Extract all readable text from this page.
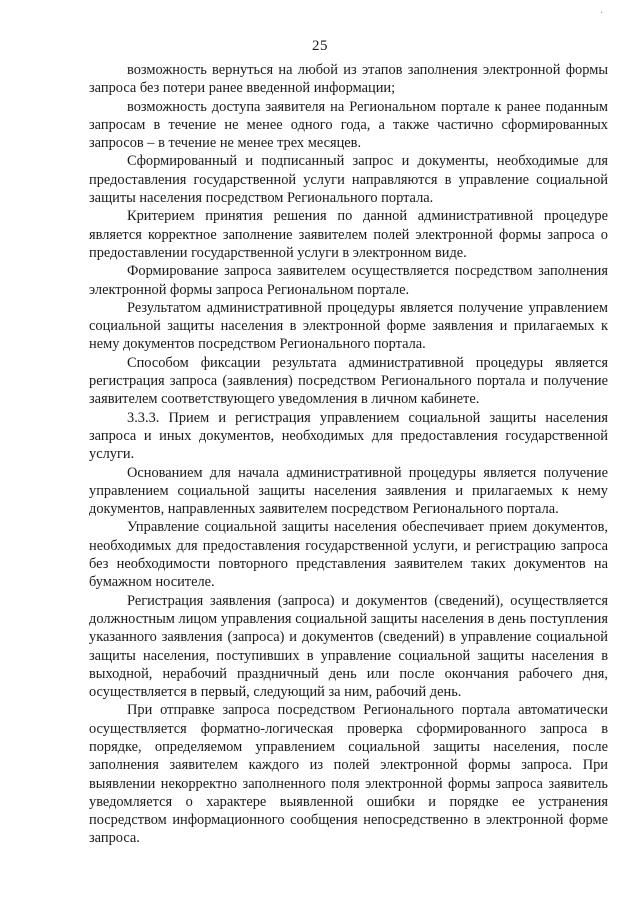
·
25

возможность вернуться на любой из этапов заполнения электронной формы запроса без потери ранее введенной информации;

возможность доступа заявителя на Региональном портале к ранее поданным запросам в течение не менее одного года, а также частично сформированных запросов – в течение не менее трех месяцев.

Сформированный и подписанный запрос и документы, необходимые для предоставления государственной услуги направляются в управление социальной защиты населения посредством Регионального портала.

Критерием принятия решения по данной административной процедуре является корректное заполнение заявителем полей электронной формы запроса о предоставлении государственной услуги в электронном виде.

Формирование запроса заявителем осуществляется посредством заполнения электронной формы запроса Региональном портале.

Результатом административной процедуры является получение управлением социальной защиты населения в электронной форме заявления и прилагаемых к нему документов посредством Регионального портала.

Способом фиксации результата административной процедуры является регистрация запроса (заявления) посредством Регионального портала и получение заявителем соответствующего уведомления в личном кабинете.

3.3.3. Прием и регистрация управлением социальной защиты населения запроса и иных документов, необходимых для предоставления государственной услуги.

Основанием для начала административной процедуры является получение управлением социальной защиты населения заявления и прилагаемых к нему документов, направленных заявителем посредством Регионального портала.

Управление социальной защиты населения обеспечивает прием документов, необходимых для предоставления государственной услуги, и регистрацию запроса без необходимости повторного представления заявителем таких документов на бумажном носителе.

Регистрация заявления (запроса) и документов (сведений), осуществляется должностным лицом управления социальной защиты населения в день поступления указанного заявления (запроса) и документов (сведений) в управление социальной защиты населения, поступивших в управление социальной защиты населения в выходной, нерабочий праздничный день или после окончания рабочего дня, осуществляется в первый, следующий за ним, рабочий день.

При отправке запроса посредством Регионального портала автоматически осуществляется форматно-логическая проверка сформированного запроса в порядке, определяемом управлением социальной защиты населения, после заполнения заявителем каждого из полей электронной формы запроса. При выявлении некорректно заполненного поля электронной формы запроса заявитель уведомляется о характере выявленной ошибки и порядке ее устранения посредством информационного сообщения непосредственно в электронной форме запроса.
